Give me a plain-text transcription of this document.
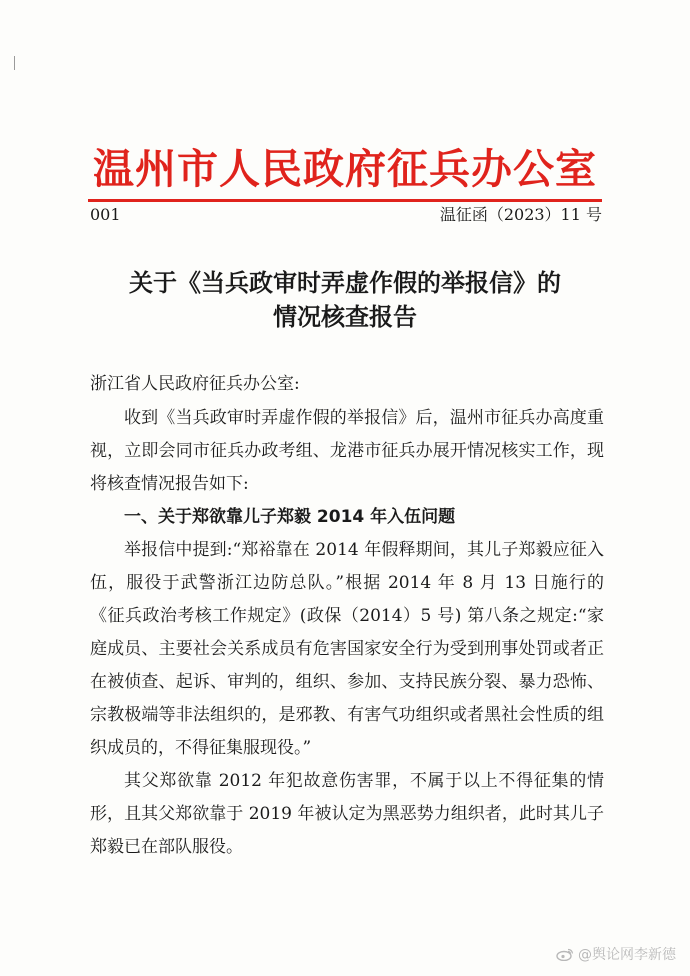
温州市人民政府征兵办公室
001	温征函（2023）11 号
关于《当兵政审时弄虚作假的举报信》的
情况核查报告
浙江省人民政府征兵办公室:

收到《当兵政审时弄虚作假的举报信》后，温州市征兵办高度重视，立即会同市征兵办政考组、龙港市征兵办展开情况核实工作，现将核查情况报告如下:

一、关于郑欲靠儿子郑毅 2014 年入伍问题

举报信中提到:“郑裕靠在 2014 年假释期间，其儿子郑毅应征入伍，服役于武警浙江边防总队。”根据 2014 年 8 月 13 日施行的《征兵政治考核工作规定》(政保（2014）5 号) 第八条之规定:“家庭成员、主要社会关系成员有危害国家安全行为受到刑事处罚或者正在被侦查、起诉、审判的，组织、参加、支持民族分裂、暴力恐怖、宗教极端等非法组织的，是邪教、有害气功组织或者黑社会性质的组织成员的，不得征集服现役。”

其父郑欲靠 2012 年犯故意伤害罪，不属于以上不得征集的情形，且其父郑欲靠于 2019 年被认定为黑恶势力组织者，此时其儿子郑毅已在部队服役。

@舆论网李新德
